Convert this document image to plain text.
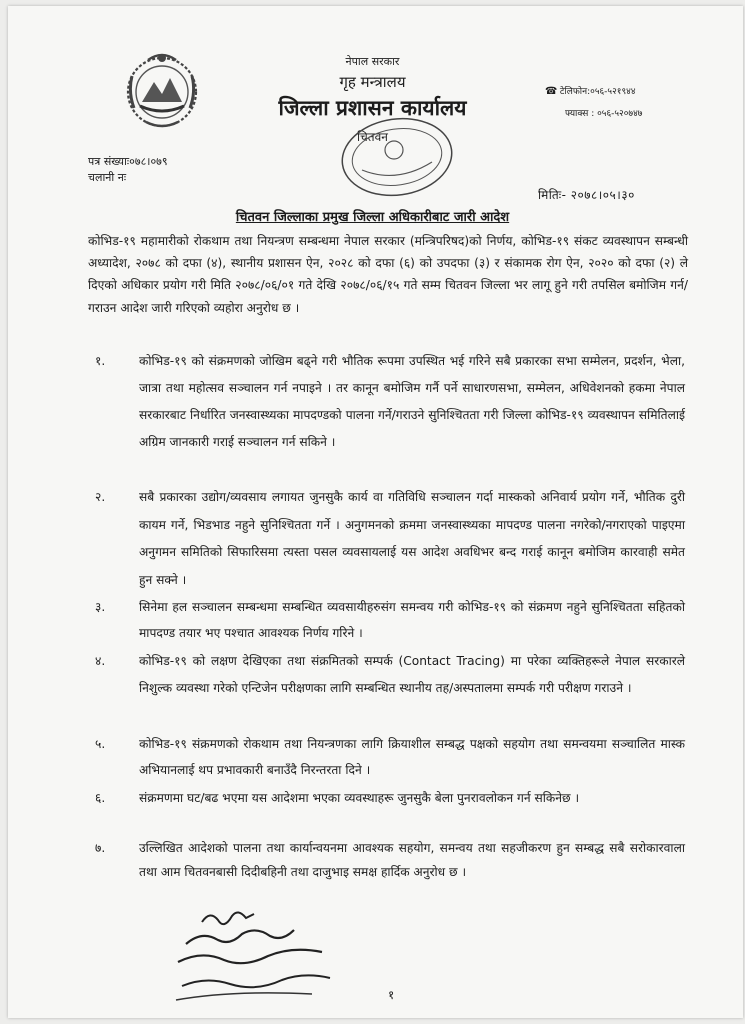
नेपाल सरकार
गृह मन्त्रालय
जिल्ला प्रशासन कार्यालय
चितवन
☎ टेलिफोन:०५६-५२१९४४
फ्याक्स : ०५६-५२०७४७
पत्र संख्याः०७८।०७९
चलानी नः
मितिः- २०७८।०५।३०
चितवन जिल्लाका प्रमुख जिल्ला अधिकारीबाट जारी आदेश
कोभिड-१९ महामारीको रोकथाम तथा नियन्त्रण सम्बन्धमा नेपाल सरकार (मन्त्रिपरिषद)को निर्णय, कोभिड-१९ संकट व्यवस्थापन सम्बन्धी अध्यादेश, २०७८ को दफा (४), स्थानीय प्रशासन ऐन, २०२८ को दफा (६) को उपदफा (३) र संकामक रोग ऐन, २०२० को दफा (२) ले दिएको अधिकार प्रयोग गरी मिति २०७८/०६/०१ गते देखि २०७८/०६/१५ गते सम्म चितवन जिल्ला भर लागू हुने गरी तपसिल बमोजिम गर्न/गराउन आदेश जारी गरिएको व्यहोरा अनुरोध छ ।
१.	कोभिड-१९ को संक्रमणको जोखिम बढ्ने गरी भौतिक रूपमा उपस्थित भई गरिने सबै प्रकारका सभा सम्मेलन, प्रदर्शन, भेला, जात्रा तथा महोत्सव सञ्चालन गर्न नपाइने । तर कानून बमोजिम गर्नै पर्ने साधारणसभा, सम्मेलन, अधिवेशनको हकमा नेपाल सरकारबाट निर्धारित जनस्वास्थ्यका मापदण्डको पालना गर्ने/गराउने सुनिश्चितता गरी जिल्ला कोभिड-१९ व्यवस्थापन समितिलाई अग्रिम जानकारी गराई सञ्चालन गर्न सकिने ।
२.	सबै प्रकारका उद्योग/व्यवसाय लगायत जुनसुकै कार्य वा गतिविधि सञ्चालन गर्दा मास्कको अनिवार्य प्रयोग गर्ने, भौतिक दुरी कायम गर्ने, भिडभाड नहुने सुनिश्चितता गर्ने । अनुगमनको क्रममा जनस्वास्थ्यका मापदण्ड पालना नगरेको/नगराएको पाइएमा अनुगमन समितिको सिफारिसमा त्यस्ता पसल व्यवसायलाई यस आदेश अवधिभर बन्द गराई कानून बमोजिम कारवाही समेत हुन सक्ने ।
३.	सिनेमा हल सञ्चालन सम्बन्धमा सम्बन्धित व्यवसायीहरुसंग समन्वय गरी कोभिड-१९ को संक्रमण नहुने सुनिश्चितता सहितको मापदण्ड तयार भए पश्चात आवश्यक निर्णय गरिने ।
४.	कोभिड-१९ को लक्षण देखिएका तथा संक्रमितको सम्पर्क (Contact Tracing) मा परेका व्यक्तिहरूले नेपाल सरकारले निशुल्क व्यवस्था गरेको एन्टिजेन परीक्षणका लागि सम्बन्धित स्थानीय तह/अस्पतालमा सम्पर्क गरी परीक्षण गराउने ।
५.	कोभिड-१९ संक्रमणको रोकथाम तथा नियन्त्रणका लागि क्रियाशील सम्बद्ध पक्षको सहयोग तथा समन्वयमा सञ्चालित मास्क अभियानलाई थप प्रभावकारी बनाउँदै निरन्तरता दिने ।
६.	संक्रमणमा घट/बढ भएमा यस आदेशमा भएका व्यवस्थाहरू जुनसुकै बेला पुनरावलोकन गर्न सकिनेछ ।
७.	उल्लिखित आदेशको पालना तथा कार्यान्वयनमा आवश्यक सहयोग, समन्वय तथा सहजीकरण हुन सम्बद्ध सबै सरोकारवाला तथा आम चितवनबासी दिदीबहिनी तथा दाजुभाइ समक्ष हार्दिक अनुरोध छ ।
१
